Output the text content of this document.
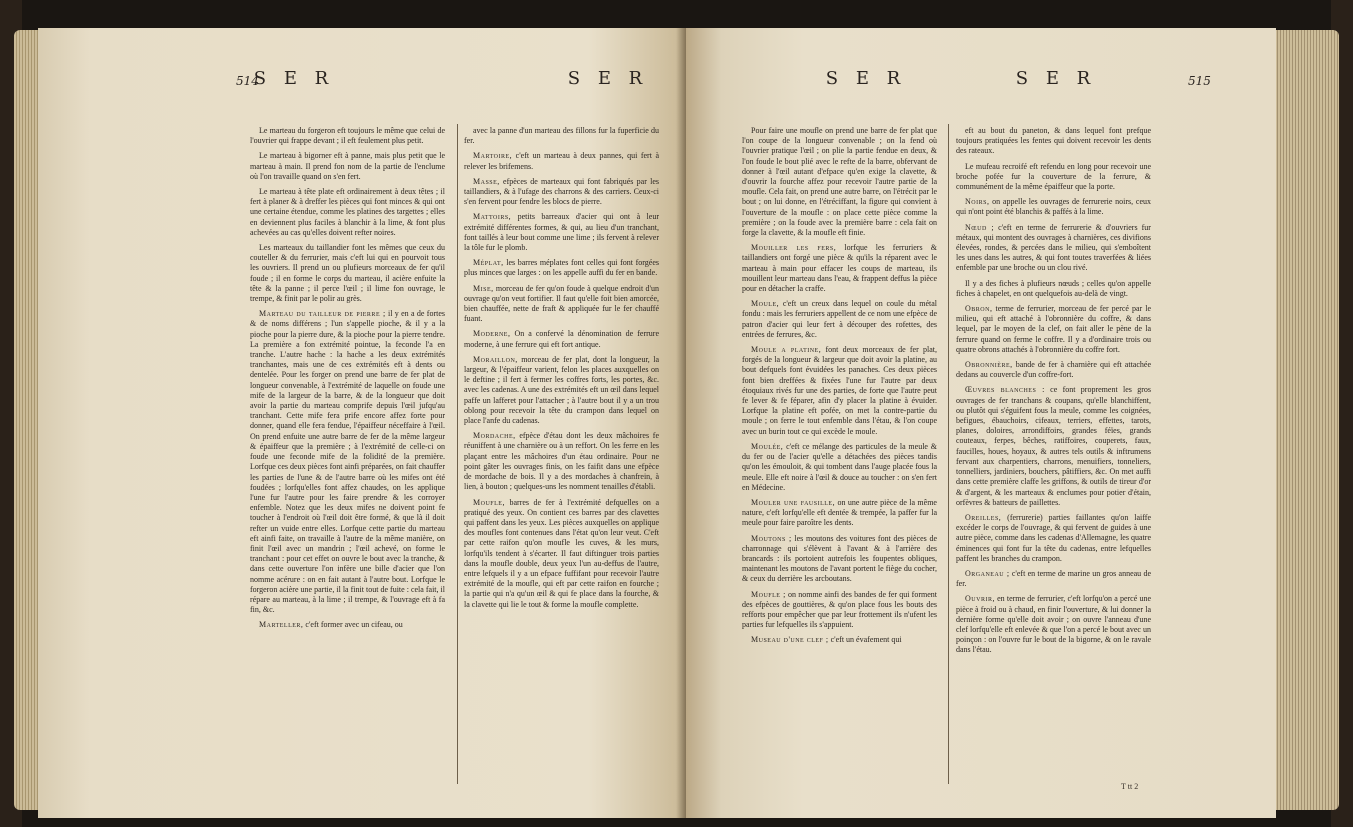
514
S E R	S E R

Le marteau du forgeron eft toujours le même que celui de l'ouvrier qui frappe devant ; il eft feulement plus petit.

Le marteau à bigorner eft à panne, mais plus petit que le marteau à main. Il prend fon nom de la partie de l'enclume où l'on travaille quand on s'en fert.

Le marteau à tête plate eft ordinairement à deux têtes ; il fert à planer & à dreffer les pièces qui font minces & qui ont une certaine étendue, comme les platines des targettes ; elles en deviennent plus faciles à blanchir à la lime, & font plus achevées au cas qu'elles doivent refter noires.

Les marteaux du taillandier font les mêmes que ceux du couteller & du ferrurier, mais c'eft lui qui en pourvoit tous les ouvriers. Il prend un ou plufieurs morceaux de fer qu'il foude ; il en forme le corps du marteau, il acière enfuite la tête & la panne ; il perce l'œil ; il lime fon ouvrage, le trempe, & finit par le polir au grès.

Marteau du tailleur de pierre ; il y en a de fortes & de noms différens ; l'un s'appelle pioche, & il y a la pioche pour la pierre dure, & la pioche pour la pierre tendre. La première a fon extrémité pointue, la feconde l'a en tranche. L'autre hache : la hache a les deux extrémités tranchantes, mais une de ces extrémités eft à dents ou dentelée. Pour les forger on prend une barre de fer plat de longueur convenable, à l'extrémité de laquelle on foude une mife de la largeur de la barre, & de la longueur que doit avoir la partie du marteau comprife depuis l'œil jufqu'au tranchant. Cette mife fera prife encore affez forte pour donner, quand elle fera fendue, l'épaiffeur néceffaire à l'œil. On prend enfuite une autre barre de fer de la même largeur & épaiffeur que la première ; à l'extrémité de celle-ci on foude une feconde mife de la folidité de la première. Lorfque ces deux pièces font ainfi préparées, on fait chauffer les parties de l'une & de l'autre barre où les mifes ont été foudées ; lorfqu'elles font affez chaudes, on les applique l'une fur l'autre pour les faire prendre & les corroyer enfemble. Notez que les deux mifes ne doivent point fe toucher à l'endroit où l'œil doit être formé, & que là il doit refter un vuide entre elles. Lorfque cette partie du marteau eft ainfi faite, on travaille à l'autre de la même manière, on finit l'œil avec un mandrin ; l'œil achevé, on forme le tranchant : pour cet effet on ouvre le bout avec la tranche, & dans cette ouverture l'on infère une bille d'acier que l'on nomme acérure : on en fait autant à l'autre bout. Lorfque le forgeron acière une partie, il la finit tout de fuite : cela fait, il répare au marteau, à la lime ; il trempe, & l'ouvrage eft à fa fin, &c.

Marteller, c'eft former avec un cifeau, ou

avec la panne d'un marteau des fillons fur la fuperficie du fer.

Martoire, c'eft un marteau à deux pannes, qui fert à relever les brifemens.

Masse, efpèces de marteaux qui font fabriqués par les taillandiers, & à l'ufage des charrons & des carriers. Ceux-ci s'en fervent pour fendre les blocs de pierre.

Mattoirs, petits barreaux d'acier qui ont à leur extrémité différentes formes, & qui, au lieu d'un tranchant, font taillés à leur bout comme une lime ; ils fervent à relever la tôle fur le plomb.

Méplat, les barres méplates font celles qui font forgées plus minces que larges : on les appelle auffi du fer en bande.

Mise, morceau de fer qu'on foude à quelque endroit d'un ouvrage qu'on veut fortifier. Il faut qu'elle foit bien amorcée, bien chauffée, nette de fraft & appliquée fur le fer chauffé fuant.

Moderne, On a confervé la dénomination de ferrure moderne, à une ferrure qui eft fort antique.

Moraillon, morceau de fer plat, dont la longueur, la largeur, & l'épaiffeur varient, felon les places auxquelles on le deftine ; il fert à fermer les coffres forts, les portes, &c. avec les cadenas. A une des extrémités eft un œil dans lequel paffe un lafferet pour l'attacher ; à l'autre bout il y a un trou oblong pour recevoir la tête du crampon dans lequel on place l'anfe du cadenas.

Mordache, efpèce d'étau dont les deux mâchoires fe réuniffent à une charnière ou à un reffort. On les ferre en les plaçant entre les mâchoires d'un étau ordinaire. Pour ne point gâter les ouvrages finis, on les faifit dans une efpèce de mordache de bois. Il y a des mordaches à chanfrein, à lien, à bouton ; quelques-uns les nomment tenailles d'établi.

Moufle, barres de fer à l'extrémité defquelles on a pratiqué des yeux. On contient ces barres par des clavettes qui paffent dans les yeux. Les pièces auxquelles on applique des moufles font contenues dans l'état qu'on leur veut. C'eft par cette raifon qu'on moufle les cuves, & les murs, lorfqu'ils tendent à s'écarter. Il faut diftinguer trois parties dans la moufle double, deux yeux l'un au-deffus de l'autre, entre lefquels il y a un efpace fuffifant pour recevoir l'autre extrémité de la moufle, qui eft par cette raifon en fourche ; la partie qui n'a qu'un œil & qui fe place dans la fourche, & la clavette qui lie le tout & forme la moufle complette.

S E R	S E R	515

Pour faire une moufle on prend une barre de fer plat que l'on coupe de la longueur convenable ; on la fend où l'ouvrier pratique l'œil ; on plie la partie fendue en deux, & l'on foude le bout plié avec le refte de la barre, obfervant de donner à l'œil autant d'efpace qu'en exige la clavette, & d'ouvrir la fourche affez pour recevoir l'autre partie de la moufle. Cela fait, on prend une autre barre, on l'étrécit par le bout ; on lui donne, en l'étréciffant, la figure qui convient à l'ouverture de la moufle : on place cette pièce comme la première ; on la foude avec la première barre : cela fait on forge la clavette, & la moufle eft finie.

Mouiller les fers, lorfque les ferruriers & taillandiers ont forgé une pièce & qu'ils la réparent avec le marteau à main pour effacer les coups de marteau, ils mouillent leur marteau dans l'eau, & frappent deffus la pièce pour en détacher la craffe.

Moule, c'eft un creux dans lequel on coule du métal fondu : mais les ferruriers appellent de ce nom une efpèce de patron d'acier qui leur fert à découper des rofettes, des entrées de ferrures, &c.

Moule a platine, font deux morceaux de fer plat, forgés de la longueur & largeur que doit avoir la platine, au bout defquels font évuidées les panaches. Ces deux pièces font bien dreffées & fixées l'une fur l'autre par deux étoquiaux rivés fur une des parties, de forte que l'autre peut fe lever & fe féparer, afin d'y placer la platine à évuider. Lorfque la platine eft pofée, on met la contre-partie du moule ; on ferre le tout enfemble dans l'étau, & l'on coupe avec un burin tout ce qui excède le moule.

Moulée, c'eft ce mélange des particules de la meule & du fer ou de l'acier qu'elle a détachées des pièces tandis qu'on les émouloit, & qui tombent dans l'auge placée fous la meule. Elle eft noire à l'œil & douce au toucher : on s'en fert en Médecine.

Mouler une fausille, on une autre pièce de la même nature, c'eft lorfqu'elle eft dentée & trempée, la paffer fur la meule pour faire paroître les dents.

Moutons ; les moutons des voitures font des pièces de charronnage qui s'élèvent à l'avant & à l'arrière des brancards : ils portoient autrefois les foupentes obliques, maintenant les moutons de l'avant portent le fiège du cocher, & ceux du derrière les arcboutans.

Moufle ; on nomme ainfi des bandes de fer qui forment des efpèces de gouttières, & qu'on place fous les bouts des refforts pour empêcher que par leur frottement ils n'ufent les parties fur lefquelles ils s'appuient.

Museau d'une clef ; c'eft un évafement qui

eft au bout du paneton, & dans lequel font prefque toujours pratiquées les fentes qui doivent recevoir les dents des rateaux.

Le mufeau recroifé eft refendu en long pour recevoir une broche pofée fur la couverture de la ferrure, & communément de la même épaiffeur que la porte.

Noirs, on appelle les ouvrages de ferrurerie noirs, ceux qui n'ont point été blanchis & paffés à la lime.

Nœud ; c'eft en terme de ferrurerie & d'ouvriers fur métaux, qui montent des ouvrages à charnières, ces divifions élevées, rondes, & percées dans le milieu, qui s'emboîtent les unes dans les autres, & qui font toutes traverfées & liées enfemble par une broche ou un clou rivé.

Il y a des fiches à plufieurs nœuds ; celles qu'on appelle fiches à chapelet, en ont quelquefois au-delà de vingt.

Obron, terme de ferrurier, morceau de fer percé par le milieu, qui eft attaché à l'obronnière du coffre, & dans lequel, par le moyen de la clef, on fait aller le pène de la ferrure quand on ferme le coffre. Il y a d'ordinaire trois ou quatre obrons attachés à l'obronnière du coffre fort.

Obronnière, bande de fer à charnière qui eft attachée dedans au couvercle d'un coffre-fort.

Œuvres blanches : ce font proprement les gros ouvrages de fer tranchans & coupans, qu'elle blanchiffent, ou plutôt qui s'éguifent fous la meule, comme les coignées, befigues, ébauchoirs, cifeaux, terriers, effettes, tarots, planes, doloires, arrondiffoirs, grandes féïes, grands couteaux, ferpes, bêches, ratiffoires, couperets, faux, faucilles, houes, hoyaux, & autres tels outils & inftrumens fervant aux charpentiers, charrons, menuifiers, tonneliers, tonnelliers, jardiniers, bouchers, pâtiffiers, &c. On met auffi dans cette première claffe les griffons, & outils de tireur d'or & d'argent, & les marteaux & enclumes pour potier d'étain, orfèvres & batteurs de paillettes.

Oreilles, (ferrurerie) parties faillantes qu'on laiffe excéder le corps de l'ouvrage, & qui fervent de guides à une autre pièce, comme dans les cadenas d'Allemagne, les quatre éminences qui font fur la tête du cadenas, entre lefquelles paffent les branches du crampon.

Organeau ; c'eft en terme de marine un gros anneau de fer.

Ouvrir, en terme de ferrurier, c'eft lorfqu'on a percé une pièce à froid ou à chaud, en finir l'ouverture, & lui donner la dernière forme qu'elle doit avoir ; on ouvre l'anneau d'une clef lorfqu'elle eft enlevée & que l'on a percé le bout avec un poinçon : on l'ouvre fur le bout de la bigorne, & on le ravale dans l'étau.

T tt 2
